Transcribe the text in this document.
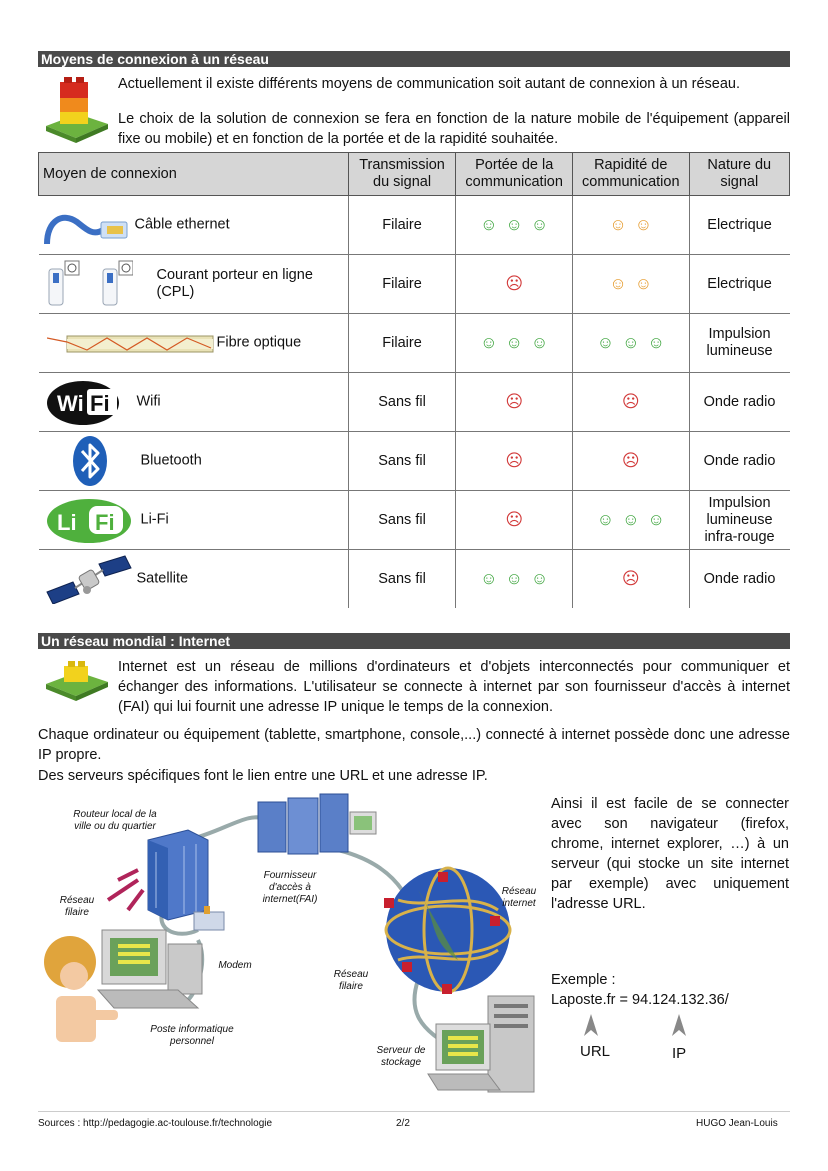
Moyens de connexion à un réseau
Actuellement il existe différents moyens de communication soit autant de connexion à un réseau.
Le choix de la solution de connexion se fera en fonction de la nature mobile de l'équipement (appareil fixe ou mobile) et en fonction de la portée et de la rapidité souhaitée.
Moyen de connexion	Transmission du signal	Portée de la communication	Rapidité de communication	Nature du signal

Câble ethernet	Filaire	☺ ☺ ☺	☺ ☺	Electrique

Courant porteur en ligne (CPL)	Filaire	☹	☺ ☺	Electrique

Fibre optique	Filaire	☺ ☺ ☺	☺ ☺ ☺	Impulsion lumineuse

Wi Fi Wifi	Sans fil	☹	☹	Onde radio

Bluetooth	Sans fil	☹	☹	Onde radio

Li Fi Li-Fi	Sans fil	☹	☺ ☺ ☺	Impulsion lumineuse infra-rouge

Satellite	Sans fil	☺ ☺ ☺	☹	Onde radio
Un réseau mondial : Internet
Internet est un réseau de millions d'ordinateurs et d'objets interconnectés pour communiquer et échanger des informations. L'utilisateur se connecte à internet par son fournisseur d'accès à internet (FAI) qui lui fournit une adresse IP unique le temps de la connexion.
Chaque ordinateur ou équipement (tablette, smartphone, console,...) connecté à internet possède donc une adresse IP propre.
Des serveurs spécifiques font le lien entre une URL et une adresse IP.
Routeur local de la ville ou du quartier
Fournisseur d'accès à internet(FAI)
Réseau filaire
Modem
Réseau internet
Réseau filaire
Poste informatique personnel
Serveur de stockage
Ainsi il est facile de se connecter avec son navigateur (firefox, chrome, internet explorer, …) à un serveur (qui stocke un site internet par exemple) avec uniquement l'adresse URL.
Exemple :
Laposte.fr = 94.124.132.36/
URL	IP
Sources : http://pedagogie.ac-toulouse.fr/technologie	2/2	HUGO Jean-Louis
